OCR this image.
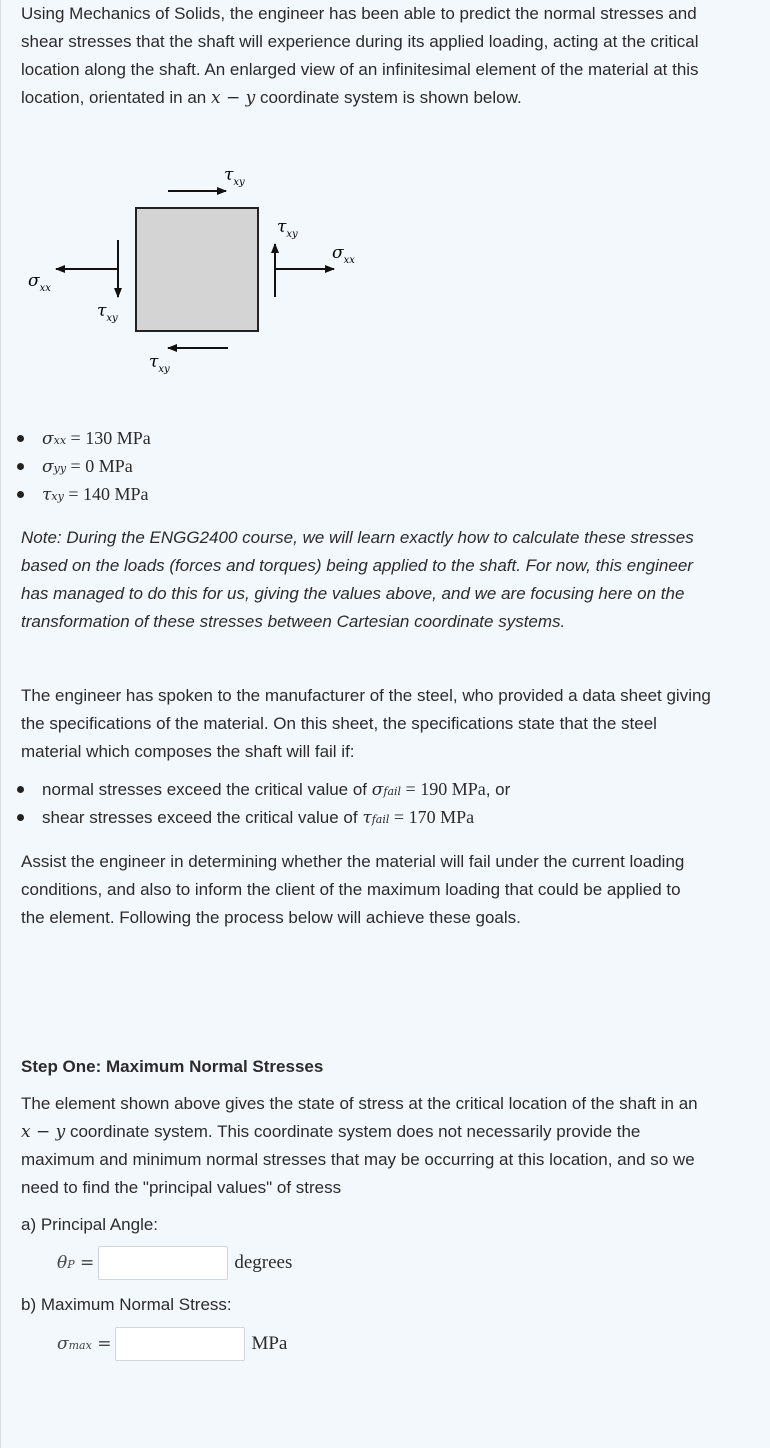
Using Mechanics of Solids, the engineer has been able to predict the normal stresses and
shear stresses that the shaft will experience during its applied loading, acting at the critical
location along the shaft. An enlarged view of an infinitesimal element of the material at this
location, orientated in an x − y coordinate system is shown below.
$\tau_{xy}$
$\tau_{xy}$
$\sigma_{xx}$
$\sigma_{xx}$
$\tau_{xy}$
$\tau_{xy}$
σxx = 130 MPa
σyy = 0 MPa
τxy = 140 MPa
Note: During the ENGG2400 course, we will learn exactly how to calculate these stresses
based on the loads (forces and torques) being applied to the shaft. For now, this engineer
has managed to do this for us, giving the values above, and we are focusing here on the
transformation of these stresses between Cartesian coordinate systems.
The engineer has spoken to the manufacturer of the steel, who provided a data sheet giving
the specifications of the material. On this sheet, the specifications state that the steel
material which composes the shaft will fail if:
normal stresses exceed the critical value of σfail = 190 MPa, or
shear stresses exceed the critical value of τfail = 170 MPa
Assist the engineer in determining whether the material will fail under the current loading
conditions, and also to inform the client of the maximum loading that could be applied to
the element. Following the process below will achieve these goals.
Step One: Maximum Normal Stresses
The element shown above gives the state of stress at the critical location of the shaft in an
x − y coordinate system. This coordinate system does not necessarily provide the
maximum and minimum normal stresses that may be occurring at this location, and so we
need to find the "principal values" of stress
a) Principal Angle:
θP =	degrees
b) Maximum Normal Stress:
σmax =	MPa
